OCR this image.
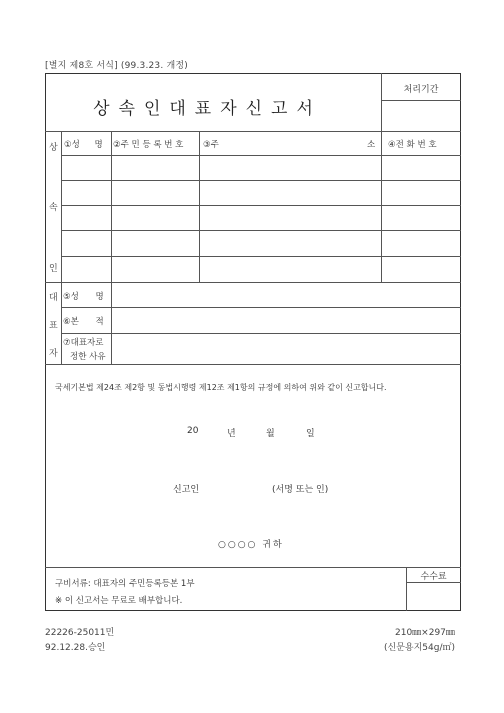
[별지 제8호 서식] (99.3.23. 개정)
상속인대표자신고서
처리기간
상
속
인
①성 명 ②주 민 등 록 번 호 ③주	소 ④전 화 번 호
대
표
자
⑤성 명
⑥본 적
⑦대표자로
정한 사유
국세기본법 제24조 제2항 및 동법시행령 제12조 제1항의 규정에 의하여 위와 같이 신고합니다.
20	년	월	일
신고인	(서명 또는 인)
○○○○ 귀하
구비서류: 대표자의 주민등록등본 1부
※ 이 신고서는 무료로 배부합니다.
수수료
22226-25011민
92.12.28.승인
210㎜×297㎜
(신문용지54g/㎡)
